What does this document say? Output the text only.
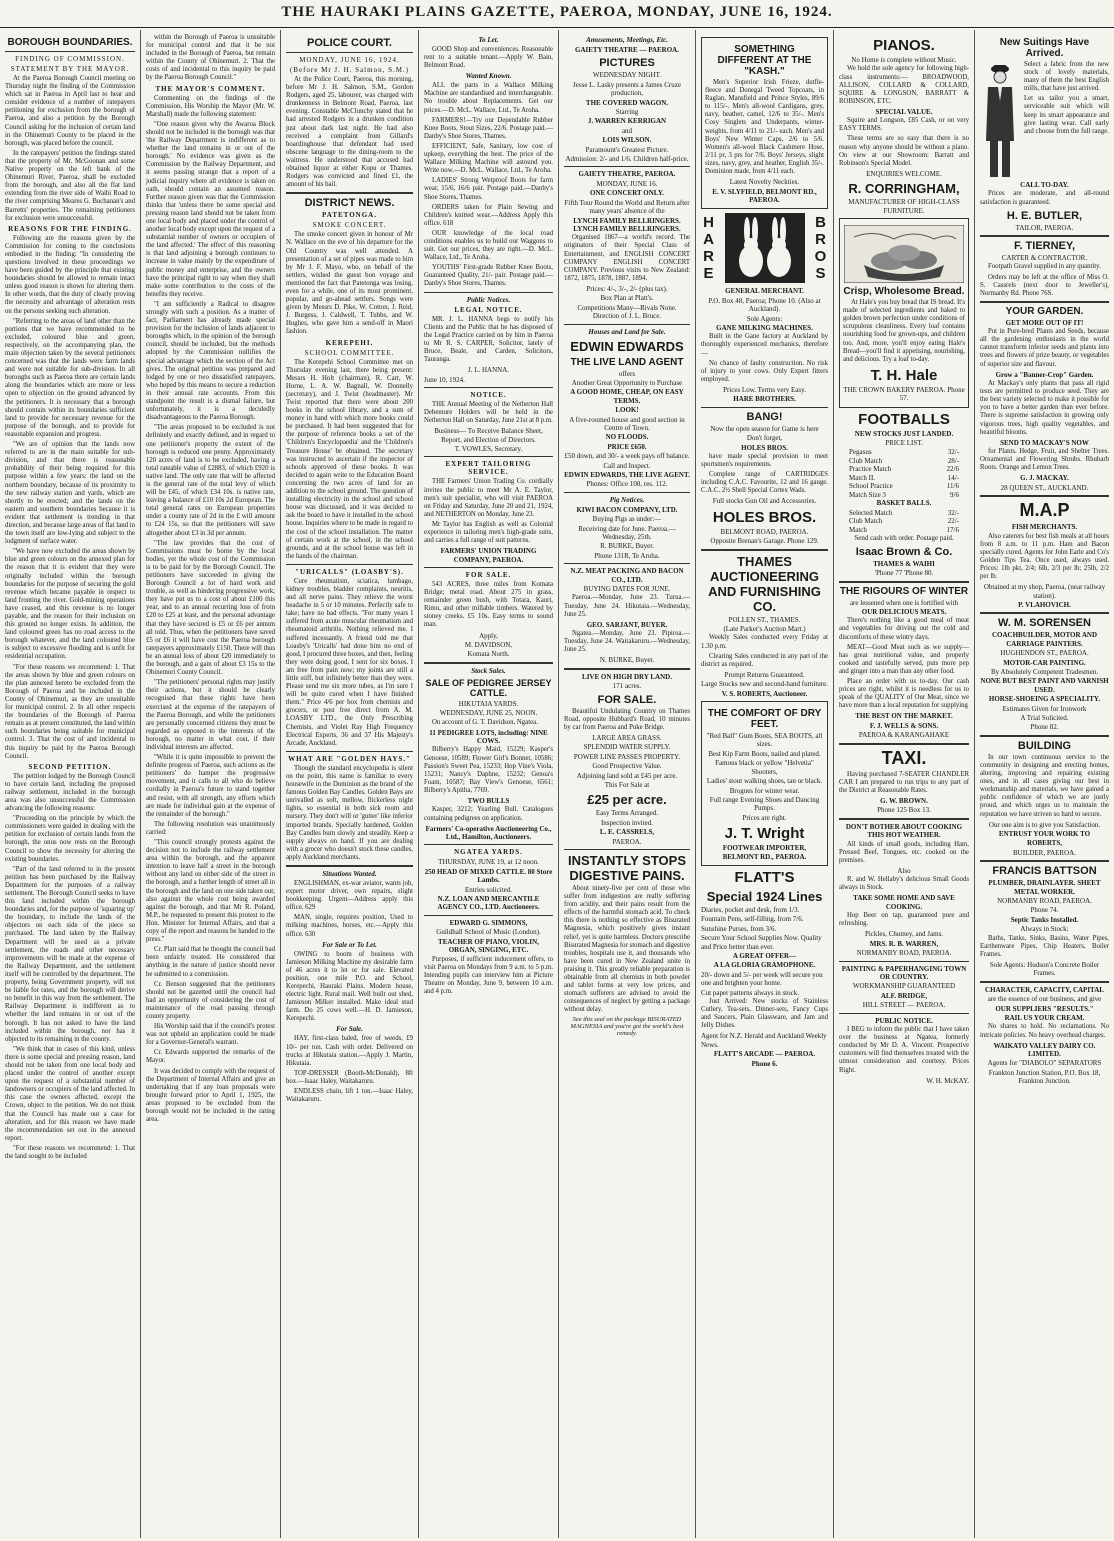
THE HAURAKI PLAINS GAZETTE, PAEROA, MONDAY, JUNE 16, 1924.
BOROUGH BOUNDARIES.
FINDING OF COMMISSION.
STATEMENT BY THE MAYOR.
At the Paeroa Borough Council meeting on Thursday night the finding of the Commission which sat in Paeroa in April last to hear and consider evidence of a number of ratepayers petitioning for exclusion from the borough of Paeroa, and also a petition by the Borough Council asking for the inclusion of certain land in the Ohinemuri County to be placed in the borough, was placed before the council.
In the ratepayers' petition the findings stated that the property of Mr. McGoonan and some Native property on the left bank of the Ohinemuri River, Paeroa, shall be excluded from the borough, and also all the flat land extending from the river side of Waihi Road to the river comprising Meares G. Buchanan's and Barretts' properties. The remaining petitioners for exclusion were unsuccessful.
REASONS FOR THE FINDING.
Following are the reasons given by the Commission for coming to the conclusions embodied in the finding: "In considering the questions involved in these proceedings we have been guided by the principle that existing boundaries should be allowed to remain intact unless good reason is shown for altering them. In other words, that the duty of clearly proving the necessity and advantage of alteration rests on the persons seeking such alteration.
"Referring to the areas of land other than the portions that we have recommended to be excluded, coloured blue and green, respectively, on the accompanying plan, the main objection taken by the several petitioners concerned was that the lands were farm lands and were not suitable for sub-division. In all boroughs such as Paeroa there are certain lands along the boundaries which are more or less open to objection on the ground advanced by the petitioners. It is necessary that a borough should contain within its boundaries sufficient land to provide for necessary revenue for the purpose of the borough, and to provide for reasonable expansion and progress.
"We are of opinion that the lands now referred to are in the main suitable for sub-division, and that there is reasonable probability of their being required for this purpose within a few years: the land on the northern boundary, because of its proximity to the new railway station and yards, which are shortly to be erected; and the lands on the eastern and southern boundaries because it is evident that settlement is trending in that direction, and because large areas of flat land in the town itself are low-lying and subject to the lodgment of surface water.
"We have now excluded the areas shown by blue and green colours on the annexed plan for the reason that it is evident that they were originally included within the borough boundaries for the purpose of securing the gold revenue which became payable in respect to land fronting the river. Gold-mining operations have ceased, and this revenue is no longer payable, and the reason for their inclusion on this ground no longer exists. In addition, the land coloured green has no road access to the borough whatever, and the land coloured blue is subject to excessive flooding and is unfit for residential occupation.
"For these reasons we recommend: 1. That the areas shown by blue and green colours on the plan annexed hereto be excluded from the Borough of Paeroa and be included in the County of Ohinemuri, as they are unsuitable for municipal control. 2. In all other respects the boundaries of the Borough of Paeroa remain as at present constituted, the land within such boundaries being suitable for municipal control. 3. That the cost of and incidental to this inquiry be paid by the Paeroa Borough Council.
SECOND PETITION.
The petition lodged by the Borough Council to have certain land, including the proposed railway settlement, included in the borough area was also unsuccessful the Commission advancing the following reasons:
"Proceeding on the principle by which the commissioners were guided in dealing with the petition for exclusion of certain lands from the borough, the onus now rests on the Borough Council to show the necessity for altering the existing boundaries.
"Part of the land referred to in the present petition has been purchased by the Railway Department for the purposes of a railway settlement. The Borough Council seeks to have this land included within the borough boundaries and, for the purpose of 'squaring up' the boundary, to include the lands of the objectors on each side of the piece so purchased. The land taken by the Railway Department will be used as a private settlement, the roads and other necessary improvements will be made at the expense of the Railway Department, and the settlement itself will be controlled by the department. The property, being Government property, will not be liable for rates, and the borough will derive no benefit in this way from the settlement. The Railway Department is indifferent as to whether the land remains in or out of the borough. It has not asked to have the land included within the borough, nor has it objected to its remaining in the county.
"We think that in cases of this kind, unless there is some special and pressing reason, land should not be taken from one local body and placed under the control of another except upon the request of a substantial number of landowners or occupiers of the land affected. In this case the owners affected, except the Crown, object to the petition. We do not think that the Council has made out a case for alteration, and for this reason we have made the recommendation set out in the annexed report.
"For these reasons we recommend: 1. That the land sought to be included
within the Borough of Paeroa is unsuitable for municipal control and that it be not included in the Borough of Paeroa, but remain within the County of Ohinemuri. 2. That the costs of and incidental to this inquiry be paid by the Paeroa Borough Council."
THE MAYOR'S COMMENT.
Commenting on the findings of the Commission, His Worship the Mayor (Mr. W. Marshall) made the following statement:
"One reason given why the Awaroa Block should not be included in the borough was that 'the Railway Department is indifferent as to whether the land remains in or out of the borough.' No evidence was given as the Commission by the Railway Department, and it seems passing strange that a report of a judicial inquiry where all evidence is taken on oath, should contain an assumed reason. Further reason given was that the Commission thinks that 'unless there be some special and pressing reason land should not be taken from one local body and placed under the control of another local body except upon the request of a substantial number of owners or occupiers of the land affected.' The effect of this reasoning is that land adjoining a borough continues to increase in value mainly by the expenditure of public money and enterprise, and the owners have the principal right to say when they shall make some contribution to the costs of the benefits they receive.
"I am sufficiently a Radical to disagree strongly with such a position. As a matter of fact, Parliament has already made special provision for the inclusion of lands adjacent to boroughs which, in the opinion of the borough council, should be included, but the methods adopted by the Commission nullifies the special advantage which the section of the Act gives. The original petition was prepared and lodged by one or two dissatisfied ratepayers, who hoped by this means to secure a reduction in their annual rate accounts. From this standpoint the result is a dismal failure, but unfortunately, it is a decidedly disadvantageous to the Paeroa Borough.
"The areas proposed to be excluded is not definitely and exactly defined, and in regard to one petitioner's property the extent of the borough is reduced one penny. Approximately 120 acres of land is to be excluded, having a total rateable value of £2883, of which £920 is native land. The only rate that will be affected is the general rate of the total levy of which will be £45, of which £34 10s. is native rate, leaving a balance of £10 10s 2d European. The total general rates on European properties under a county rate of 2d in the £ will amount to £24 15s, so that the petitioners will save altogether about £3 in 3d per annum.
"The law provides that the cost of Commissions must be borne by the local bodies, yet the whole cost of the Commission is to be paid for by the Borough Council. The petitioners have succeeded in giving the Borough Council a lot of hard work and trouble, as well as hindering progressive work; they have put us to a cost of about £100 this year, and to an annual recurring loss of from £20 to £25 at least, and the personal advantage that they have secured is £5 or £6 per annum all told. Thus, when the petitioners have saved £5 or £6 it will have cost the Paeroa borough ratepayers approximately £150. There will thus be an annual loss of about £20 immediately to the borough, and a gain of about £3 15s to the Ohinemuri County Council.
"The petitioners' personal rights may justify their actions, but it should be clearly recognised that these rights have been exercised at the expense of the ratepayers of the Paeroa Borough, and while the petitioners are personally concerned citizens they must be regarded as opposed to the interests of the borough, no matter in what cost, if their individual interests are affected.
"While it is quite impossible to prevent the definite progress of Paeroa, such actions as the petitioners' do hamper the progressive movement, and it calls to all who do believe cordially in Paeroa's future to stand together and resist, with all strength, any efforts which are made for individual gain at the expense of the remainder of the borough."
The following resolution was unanimously carried:
"This council strongly protests against the decision not to include the railway settlement area within the borough, and the apparent intention to leave half a street in the borough without any land on either side of the street in the borough, and a further length of street all in the borough and the land on one side taken out; also against the whole cost being awarded against the borough, and that Mr R. Poland, M.P., be requested to present this protest to the Hon. Minister for Internal Affairs, and that a copy of the report and reasons be handed to the press."
Cr. Platt said that he thought the council had been unfairly treated. He considered that anything in the nature of justice should never be submitted to a commission.
Cr. Benson suggested that the petitioners should not be gazetted until the council had had an opportunity of considering the cost of maintenance of the road passing through county property.
His Worship said that if the council's protest was not upheld an application could be made for a Governor-General's warrant.
Cr. Edwards supported the remarks of the Mayor.
It was decided to comply with the request of the Department of Internal Affairs and give an undertaking that if any loan proposals were brought forward prior to April 1, 1925, the areas proposed to be excluded from the borough would not be included in the rating area.
POLICE COURT.
MONDAY, JUNE 16, 1924.
(Before Mr J. H. Salmon, S.M.)
At the Police Court, Paeroa, this morning, before Mr J. H. Salmon, S.M., Gordon Rodgers, aged 25, labourer, was charged with drunkenness in Belmont Road, Paeroa, last evening. Constable McClunchy stated that he had arrested Rodgers in a drunken condition just about dark last night. He had also received a complaint from Gillard's boardinghouse that defendant had used obscene language to the dining-room to the waitress. He understood that accused had obtained liquor at either Kopu or Thames. Rodgers was convicted and fined £1, the amount of his bail.
DISTRICT NEWS.
PATETONGA.
SMOKE CONCERT.
The smoke concert given in honour of Mr N. Wallace on the eve of his departure for the Old Country was well attended. A presentation of a set of pipes was made to him by Mr J. F. Mayo, who, on behalf of the settlers, wished the guest bon voyage and mentioned the fact that Patetonga was losing, even for a while, one of its most prominent, popular, and go-ahead settlers. Songs were given by Messrs D. Pike, W. Cotton, J. Reid, J. Burgess, J. Caldwell, T. Tubbs, and W. Hughes, who gave him a send-off in Maori fashion.
KEREPEHI.
SCHOOL COMMITTEE.
The Kerepehi School Committee met on Thursday evening last, there being present: Messrs H. Holt (chairman), R. Carr, W. Horne, L. A. W. Bagnall, W. Donnelly (secretary), and J. Twist (headmaster). Mr Twist reported that there were about 200 books in the school library, and a sum of money in hand with which more books could be purchased. It had been suggested that for the purpose of reference books a set of the 'Children's Encyclopaedia' and the 'Children's Treasure House' be obtained. The secretary was instructed to ascertain if the inspector of schools approved of these books. It was decided to again write to the Education Board concerning the two acres of land for an addition to the school ground. The question of installing electricity in the school and school house was discussed, and it was decided to ask the board to have it installed in the school house. Inquiries where to be made in regard to the cost of the school installation. The matter of certain work at the school, in the school grounds, and at the school house was left in the hands of the chairman.
"URICALLS" (LOASBY'S).
Cure rheumatism, sciatica, lumbago, kidney troubles, bladder complaints, neuritis, and all nerve pains. They relieve the worst headache in 5 or 10 minutes. Perfectly safe to take; have no bad effects. "For many years I suffered from acute muscular rheumatism and rheumatoid arthritis. Nothing relieved me. I suffered incessantly. A friend told me that Loasby's 'Uricalls' had done him no end of good, I procured three boxes, and then, feeling they were doing good, I sent for six boxes. I am free from pain now; my joints are still a little stiff, but infinitely better than they were. Please send me six more tubes, as I'm sure I will be quite cured when I have finished them." Price 4/6 per box from chemists and grocers, or post free direct from A. M. LOASBY LTD., the Only Prescribing Chemists, and Violet Ray High Frequency Electrical Experts, 36 and 37 His Majesty's Arcade, Auckland.
WHAT ARE "GOLDEN HAYS."
Though the standard encyclopedia is silent on the point, this name is familiar to every housewife in the Dominion as the brand of the famous Golden Bay Candles. Golden Bays are unrivalled as soft, mellow, flickerless night lights, so essential in both sick room and nursery. They don't will or 'gutter' like inferior imported brands. Specially hardened, Golden Bay Candles burn slowly and steadily. Keep a supply always on hand. If you are dealing with a grocer who doesn't stock these candles, apply Auckland merchants.
Situations Wanted.
ENGLISHMAN, ex-war aviator, wants job, expert motor driver, own repairs, slight bookkeeping. Urgent—Address apply this office. 629
MAN, single, requires position, Used to milking machines, horses, etc.—Apply this office. 630
For Sale or To Let.
OWING to boom of business with Jamieson Milking Machine my desirable farm of 46 acres it to let or for sale. Elevated position, one mile P.O. and School, Kerepechi, Hauraki Plains. Modern house, electric light. Rural mail. Well built out shed, Jamieson Milker installed. Make ideal stud farm. Do 25 cows well.—H. D. Jamieson, Kerepechi.
For Sale.
HAY, first-class baled, free of weeds, £9 10/- per ton. Cash with order. Delivered on trucks at Hikutaia station.—Apply J. Martin, Hikutaia.
TOP-DRESSER (Booth-McDonald), 8ft box.—Isaac Haley, Waitakaruru.
ENDLESS chain, lift 1 ton.—Isaac Haley, Waitakaruru.
To Let.
GOOD Shop and conveniences. Reasonable rent to a suitable tenant.—Apply W. Bain, Belmont Road.
Wanted Known.
ALL the parts in a Wallace Milking Machine are standardised and interchangeable. No trouble about Replacements. Get our prices.—D. McL. Wallace, Ltd., Te Aroha.
FARMERS!—Try our Dependable Rubber Knee Boots, Stout Sizes, 22/6. Postage paid.—Danby's Shoe Stores, Thames.
EFFICIENT, Safe, Sanitary, low cost of upkeep, everything the best. The price of the Wallace Milking Machine will astound you. Write now.—D. McL. Wallace, Ltd., Te Aroha.
LADIES' Strong Wetproof Boots for farm wear, 15/6, 16/6 pair. Postage paid.—Danby's Shoe Stores, Thames.
ORDERS taken for Plain Sewing and Children's knitted wear.—Address Apply this office. 618
OUR knowledge of the local road conditions enables us to build our Waggons to suit. Get our prices, they are right.—D. McL. Wallace, Ltd., Te Aroha.
YOUTHS' First-grade Rubber Knee Boots, Guaranteed Quality, 21/- pair. Postage paid.—Danby's Shoe Stores, Thames.
Public Notices.
LEGAL NOTICE.
MR. J. L. HANNA begs to notify his Clients and the Public that he has disposed of the Legal Practice carried on by him in Paeroa to Mr R. S. CARPER, Solicitor, lately of Bruce, Beale, and Carden, Solicitors, Tauranga.
J. L. HANNA.
June 10, 1924.
NOTICE.
THE Annual Meeting of the Netherton Hall Debenture Holders will be held in the Netherton Hall on Saturday, June 21st at 8 p.m.
Business— To Receive Balance Sheet, Report, and Election of Directors.
T. VOWLES, Secretary.
EXPERT TAILORING SERVICE.
THE Farmers' Union Trading Co. cordially invites the public to meet Mr A. E. Taylor, men's suit specialist, who will visit PAEROA on Friday and Saturday, June 20 and 21, 1924, and NETHERTON on Monday, June 23.
Mr Taylor has English as well as Colonial experience in tailoring men's high-grade suits, and carries a full range of suit patterns.
FARMERS' UNION TRADING COMPANY, PAEROA.
FOR SALE.
543 ACRES, three miles from Komata Bridge; metal road. About 275 in grass, remainder green bush, with Totara, Kauri, Rimu, and other millable timbers. Watered by stoney creeks. £5 10s. Easy terms to sound man.
Apply,
M. DAVIDSON,
Komata North.
Stock Sales.
SALE OF PEDIGREE JERSEY CATTLE.
HIKUTAIA YARDS.
WEDNESDAY, JUNE 25, NOON.
On account of G. T. Davidson, Ngatea.
11 PEDIGREE LOTS, including: NINE COWS.
Bilberry's Happy Maid, 15229; Kasper's Genoese, 10589; Flower Girl's Bonnet, 10586; Passion's Sweet Pea, 15233; Hop Vine's Viola, 15231; Nancy's Daphne, 15232; Genoa's Foam, 10587; Bay View's Genoese, 6561; Bilberry's Apitha, 7769.
TWO BULLS
Kasper, 3212; Yearling Bull. Catalogues containing pedigrees on application.
Farmers' Co-operative Auctioneering Co., Ltd., Hamilton, Auctioneers.
NGATEA YARDS.
THURSDAY, JUNE 19, at 12 noon.
250 HEAD OF MIXED CATTLE. 80 Store Lambs.
Entries solicited.
N.Z. LOAN AND MERCANTILE AGENCY CO., LTD. Auctioneers.
EDWARD G. SIMMONS,
Guildhall School of Music (London).
TEACHER OF PIANO, VIOLIN, ORGAN, SINGING, ETC.
Purposes, if sufficient inducement offers, to visit Paeroa on Mondays from 9 a.m. to 5 p.m. Intending pupils can interview him at Picture Theatre on Monday, June 9, between 10 a.m. and 4 p.m.
Amusements, Meetings, Etc.
GAIETY THEATRE — PAEROA.
PICTURES
WEDNESDAY NIGHT.
Jesse L. Lasky presents a James Cruze production,
THE COVERED WAGON.
Starring
J. WARREN KERRIGAN
and
LOIS WILSON.
Paramount's Greatest Picture.
Admission: 2/- and 1/6. Children half-price.
GAIETY THEATRE, PAEROA.
MONDAY, JUNE 16.
ONE CONCERT ONLY.
Fifth Tour Round the World and Return after many years' absence of the
LYNCH FAMILY BELLRINGERS. LYNCH FAMILY BELLRINGERS.
Organised 1867—a world's record. The originators of their Special Class of Entertainment, and ENGLISH CONCERT COMPANY ENGLISH CONCERT COMPANY. Previous visits to New Zealand: 1872, 1875, 1878, 1887, 1894.
Prices: 4/-, 3/-, 2/- (plus tax).
Box Plan at Platt's.
Competitions Many—Rivals None. Direction of J. L. Bruce.
Houses and Land for Sale.
EDWIN EDWARDS
THE LIVE LAND AGENT
offers
Another Great Opportunity to Purchase
A GOOD HOME, CHEAP, ON EASY TERMS.
LOOK!
A five-roomed house and good section in Centre of Town.
NO FLOODS.
PRICE £650.
£50 down, and 30/- a week pays off balance.
Call and Inspect.
EDWIN EDWARDS, THE LIVE AGENT.
Phones: Office 108, res. 112.
Pig Notices.
KIWI BACON COMPANY, LTD.
Buying Pigs as under:—
Receiving date for June. Paeroa.—Wednesday, 25th.
R. BURKE, Buyer.
Phone 131R, Te Aroha.
N.Z. MEAT PACKING AND BACON CO., LTD.
BUYING DATES FOR JUNE.
Paeroa.—Monday, June 23. Turua.—Tuesday, June 24. Hikutaia.—Wednesday, June 25.
GEO. SARJANT, BUYER.
Ngatea.—Monday, June 23. Pipiroa.—Tuesday, June 24. Waitakaruru.—Wednesday, June 25.
N. BURKE, Buyer.
LIVE ON HIGH DRY LAND.
171 acres.
FOR SALE.
Beautiful Undulating Country on Thames Road, opposite Hubbard's Road, 10 minutes by car from Paeroa and Puke Bridge.
LARGE AREA GRASS.
SPLENDID WATER SUPPLY.
POWER LINE PASSES PROPERTY.
Good Prospective Value.
Adjoining land sold at £45 per acre.
This For Sale at
£25 per acre.
Easy Terms Arranged.
Inspection invited.
L. E. CASSRELS,
PAEROA.
INSTANTLY STOPS DIGESTIVE PAINS.
About ninety-five per cent of those who suffer from indigestion are really suffering from acidity, and their pains result from the effects of the harmful stomach acid. To check this there is nothing so effective as Bisurated Magnesia, which positively gives instant relief, yet is quite harmless. Doctors prescribe Bisurated Magnesia for stomach and digestive troubles, hospitals use it, and thousands who have been cured in New Zealand unite in praising it. This greatly reliable preparation is obtainable from all chemists in both powder and tablet forms at very low prices, and stomach sufferers are advised to avoid the consequences of neglect by getting a package without delay.
See this seal on the package BISURATED MAGNESIA and you're got the world's best remedy.
SOMETHING DIFFERENT AT THE "KASH."
Men's Superior Irish Frieze, dutfle-fleece and Donegal Tweed Topcoats, in Raglan, Mansfield and Prince Styles, 89/6 to 115/-. Men's all-wool Cardigans, grey, navy, heather, camel, 12/6 to 35/-. Men's Cosy Singlets and Underpants, winter-weights, from 4/11 to 21/- each. Men's and Boys' New Winter Caps, 2/6 to 5/6. Women's all-wool Black Cashmere Hose, 2/11 pr, 3 prs for 7/6. Boys' Jerseys, slight sizes, navy, grey, and heather, English 35/-. Dominion made, from 4/11 each.
Latest Novelty Neckties.
E. V. SLYFIELD, BELMONT RD., PAEROA.
HARE	BROS
GENERAL MERCHANT.
P.O. Box 48, Paeroa; Phone 10. (Also at Auckland).
Sole Agents:
GANE MILKING MACHINES.
Built in the Gane factory at Auckland by thoroughly experienced mechanics, therefore—
No chance of faulty construction. No risk of injury to your cows. Only Expert fitters employed.
Prices Low. Terms very Easy.
HARE BROTHERS.
BANG!
Now the open season for Game is here
Don't forget,
HOLES BROS.
have made special provision to meet sportsmen's requirements.
Complete range of CARTRIDGES including C.A.C. Favourite, 12 and 16 gauge. C.A.C. 2½ Shell Special Cortex Wads.
Full stocks Gun Oil and Accessories.
HOLES BROS.
BELMONT ROAD, PAEROA.
Opposite Brenan's Garage. Phone 129.
THAMES AUCTIONEERING AND FURNISHING CO.
POLLEN ST., THAMES.
(Late Parker's Auction Mart.)
Weekly Sales conducted every Friday at 1.30 p.m.
Clearing Sales conducted in any part of the district as required.
Prompt Returns Guaranteed.
Large Stocks new and second-hand furniture.
V. S. ROBERTS, Auctioneer.
THE COMFORT OF DRY FEET.
"Red Ball" Gum Boots, SEA BOOTS, all sizes.
Best Kip Farm Boots, nailed and plated.
Famous black or yellow "Helvetia" Shooters,
Ladies' stout walking shoes, tan or black.
Brogues for winter wear.
Full range Evening Shoes and Dancing Pumps.
Prices are right.
J. T. Wright
FOOTWEAR IMPORTER, BELMONT RD., PAEROA.
FLATT'S
Special 1924 Lines
Diaries, pocket and desk, from 1/3.
Fountain Pens, self-filling, from 7/6.
Sunshine Purses, from 3/6.
Secure Your School Supplies Now. Quality and Price better than ever.
A GREAT OFFER—
A LA GLORIA GRAMOPHONE.
20/- down and 5/- per week will secure you one and brighten your home.
Cut paper patterns always in stock.
Just Arrived: New stocks of Stainless Cutlery, Tea-sets, Dinner-sets, Fancy Cups and Saucers, Plain Glassware, and Jam and Jelly Dishes.
Agent for N.Z. Herald and Auckland Weekly News.
FLATT'S ARCADE — PAEROA.
Phone 6.
PIANOS.
No Home is complete without Music.
We hold the sole agency for following high-class instruments:— BROADWOOD, ALLISON, COLLARD & COLLARD, SQUIRE & LONGSON, BARRATT & ROBINSON, ETC.
SPECIAL VALUE.
Squire and Longson, £85 Cash, or on very EASY TERMS.
These terms are so easy that there is no reason why anyone should be without a piano. On view at our Showroom: Barratt and Robinson's Special Model.
ENQUIRIES WELCOME.
R. CORRINGHAM,
MANUFACTURER OF HIGH-CLASS FURNITURE.
Crisp, Wholesome Bread.
At Hale's you buy bread that IS bread. It's made of selected ingredients and baked to golden brown perfection under conditions of scrupulous cleanliness. Every loaf contains nourishing food for grown-ups, and children too. And, more, you'll enjoy eating Hale's Bread—you'll find it appetising, nourishing, and delicious. Try a loaf to-day.
T. H. Hale
THE CROWN BAKERY PAEROA. Phone 57.
FOOTBALLS
NEW STOCKS JUST LANDED.
PRICE LIST.
Pegasus	32/-
Club Match	28/-
Practice Match	22/6
Match II.	14/-
School Practice	11/6
Match Size 3	9/6
BASKET BALLS.
Selected Match	32/-
Club Match	22/-
Match	17/6
Send cash with order. Postage paid.
Isaac Brown & Co.
THAMES & WAIHI
'Phone 77 'Phone 80.
THE RIGOURS OF WINTER
are lessened when one is fortified with
OUR DELICIOUS MEATS.
There's nothing like a good meal of meat and vegetables for driving out the cold and discomforts of these wintry days.
MEAT—Good Meat such as we supply—has great nutritional value, and properly cooked and tastefully served, puts more pep and ginger into a man than any other food.
Place an order with us to-day. Our cash prices are right, whilst it is needless for us to speak of the QUALITY of Our Meat, since we have more than a local reputation for supplying
THE BEST ON THE MARKET.
F. J. WELLS & SONS.
PAEROA & KARANGAHAKE
TAXI.
Having purchased 7-SEATER CHANDLER CAR I am prepared to run trips to any part of the District at Reasonable Rates.
G. W. BROWN.
Phone 125 Box 13.
DON'T BOTHER ABOUT COOKING THIS HOT WEATHER.
All kinds of small goods, including Ham, Pressed Beef, Tongues, etc. cooked on the premises.
Also
R. and W. Hellaby's delicious Small Goods always in Stock.
TAKE SOME HOME AND SAVE COOKING.
Hop Beer on tap, guaranteed pure and refreshing.
Pickles, Chutney, and Jams.
MRS. R. B. WARREN,
NORMANBY ROAD, PAEROA.
PAINTING & PAPERHANGING TOWN OR COUNTRY.
WORKMANSHIP GUARANTEED
ALF. BRIDGE,
HILL STREET — PAEROA.
PUBLIC NOTICE.
I BEG to inform the public that I have taken over the business at Ngatea, formerly conducted by Mr D. A. Vincent. Prospective customers will find themselves treated with the utmost consideration and courtesy. Prices Right.
W. H. McKAY.
New Suitings Have Arrived.
Select a fabric from the new stock of lovely materials, many of them the best English mills, that have just arrived.
Let us tailor you a smart, serviceable suit which will keep its smart appearance and give lasting wear. Call early and choose from the full range.
CALL TO-DAY.
Prices are moderate, and all-round satisfaction is guaranteed.
H. E. BUTLER,
TAILOR, PAEROA.
F. TIERNEY,
CARTER & CONTRACTOR.
Footpath Gravel supplied in any quantity.
Orders may be left at the office of Miss O. S. Cassrels (next door to Jeweller's), Normanby Rd. Phone 76S.
YOUR GARDEN.
GET MORE OUT OF IT!
Put in Pure-bred Plants and Seeds, because all the gardening enthusiasts in the world cannot transform inferior seeds and plants into trees and flowers of prize beauty, or vegetables of superior size and flavour.
Grow a "Banner-Crop" Garden.
At Mackay's only plants that pass all rigid tests are permitted to produce seed. They are the best variety selected to make it possible for you to have a better garden than ever before. There is supreme satisfaction in growing only vigorous trees, high quality vegetables, and beautiful blooms.
SEND TO MACKAY'S NOW
for Plants. Hedge, Fruit, and Shelter Trees. Ornamental and Flowering Shrubs. Rhubarb Roots. Orange and Lemon Trees.
G. J. MACKAY.
28 QUEEN ST., AUCKLAND.
M.A.P
FISH MERCHANTS.
Also caterers for best fish meals at all hours from 8 a.m. to 11 p.m. Ham and Bacon specially cured. Agents for John Earle and Co's Golden Tips Tea. Once used, always used. Prices: 1lb pkt, 2/4; 6lb, 2/3 per lb; 25lb, 2/2 per lb.
Obtained at my shop, Paeroa, (near railway station).
P. VLAHOVICH.
W. M. SORENSEN
COACHBUILDER, MOTOR AND CARRIAGE PAINTERS.
HUGHENDON ST., PAEROA.
MOTOR-CAR PAINTING.
By Absolutely Competent Tradesmen.
NONE BUT BEST PAINT AND VARNISH USED.
HORSE-SHOEING A SPECIALITY.
Estimates Given for Ironwork
A Trial Solicited.
Phone 82.
BUILDING
In our town continuous service to the community in designing and erecting homes, altering, improving and repairing existing ones, and in all cases giving our best in workmanship and materials, we have gained a public confidence of which we are justly proud, and which urges us to maintain the reputation we have striven so hard to secure.
Our one aim is to give you Satisfaction.
ENTRUST YOUR WORK TO
ROBERTS,
BUILDER, PAEROA.
FRANCIS BATTSON
PLUMBER, DRAINLAYER. SHEET METAL WORKER.
NORMANBY ROAD, PAEROA.
Phone 74.
Septic Tanks Installed.
Always in Stock:
Baths, Tanks, Sinks, Basins, Water Pipes, Earthenware Pipes, Chip Heaters, Boiler Frames.
Sole Agents: Hudson's Concrete Boiler Frames.
CHARACTER, CAPACITY, CAPITAL
are the essence of our business, and give
OUR SUPPLIERS "RESULTS."
RAIL US YOUR CREAM.
No shares to hold. No reclamations. No intricate policies. No heavy overhead charges.
WAIKATO VALLEY DAIRY CO. LIMITED.
Agents for "DIABOLO" SEPARATORS
Frankton Junction Station, P.O. Box 18, Frankton Junction.
